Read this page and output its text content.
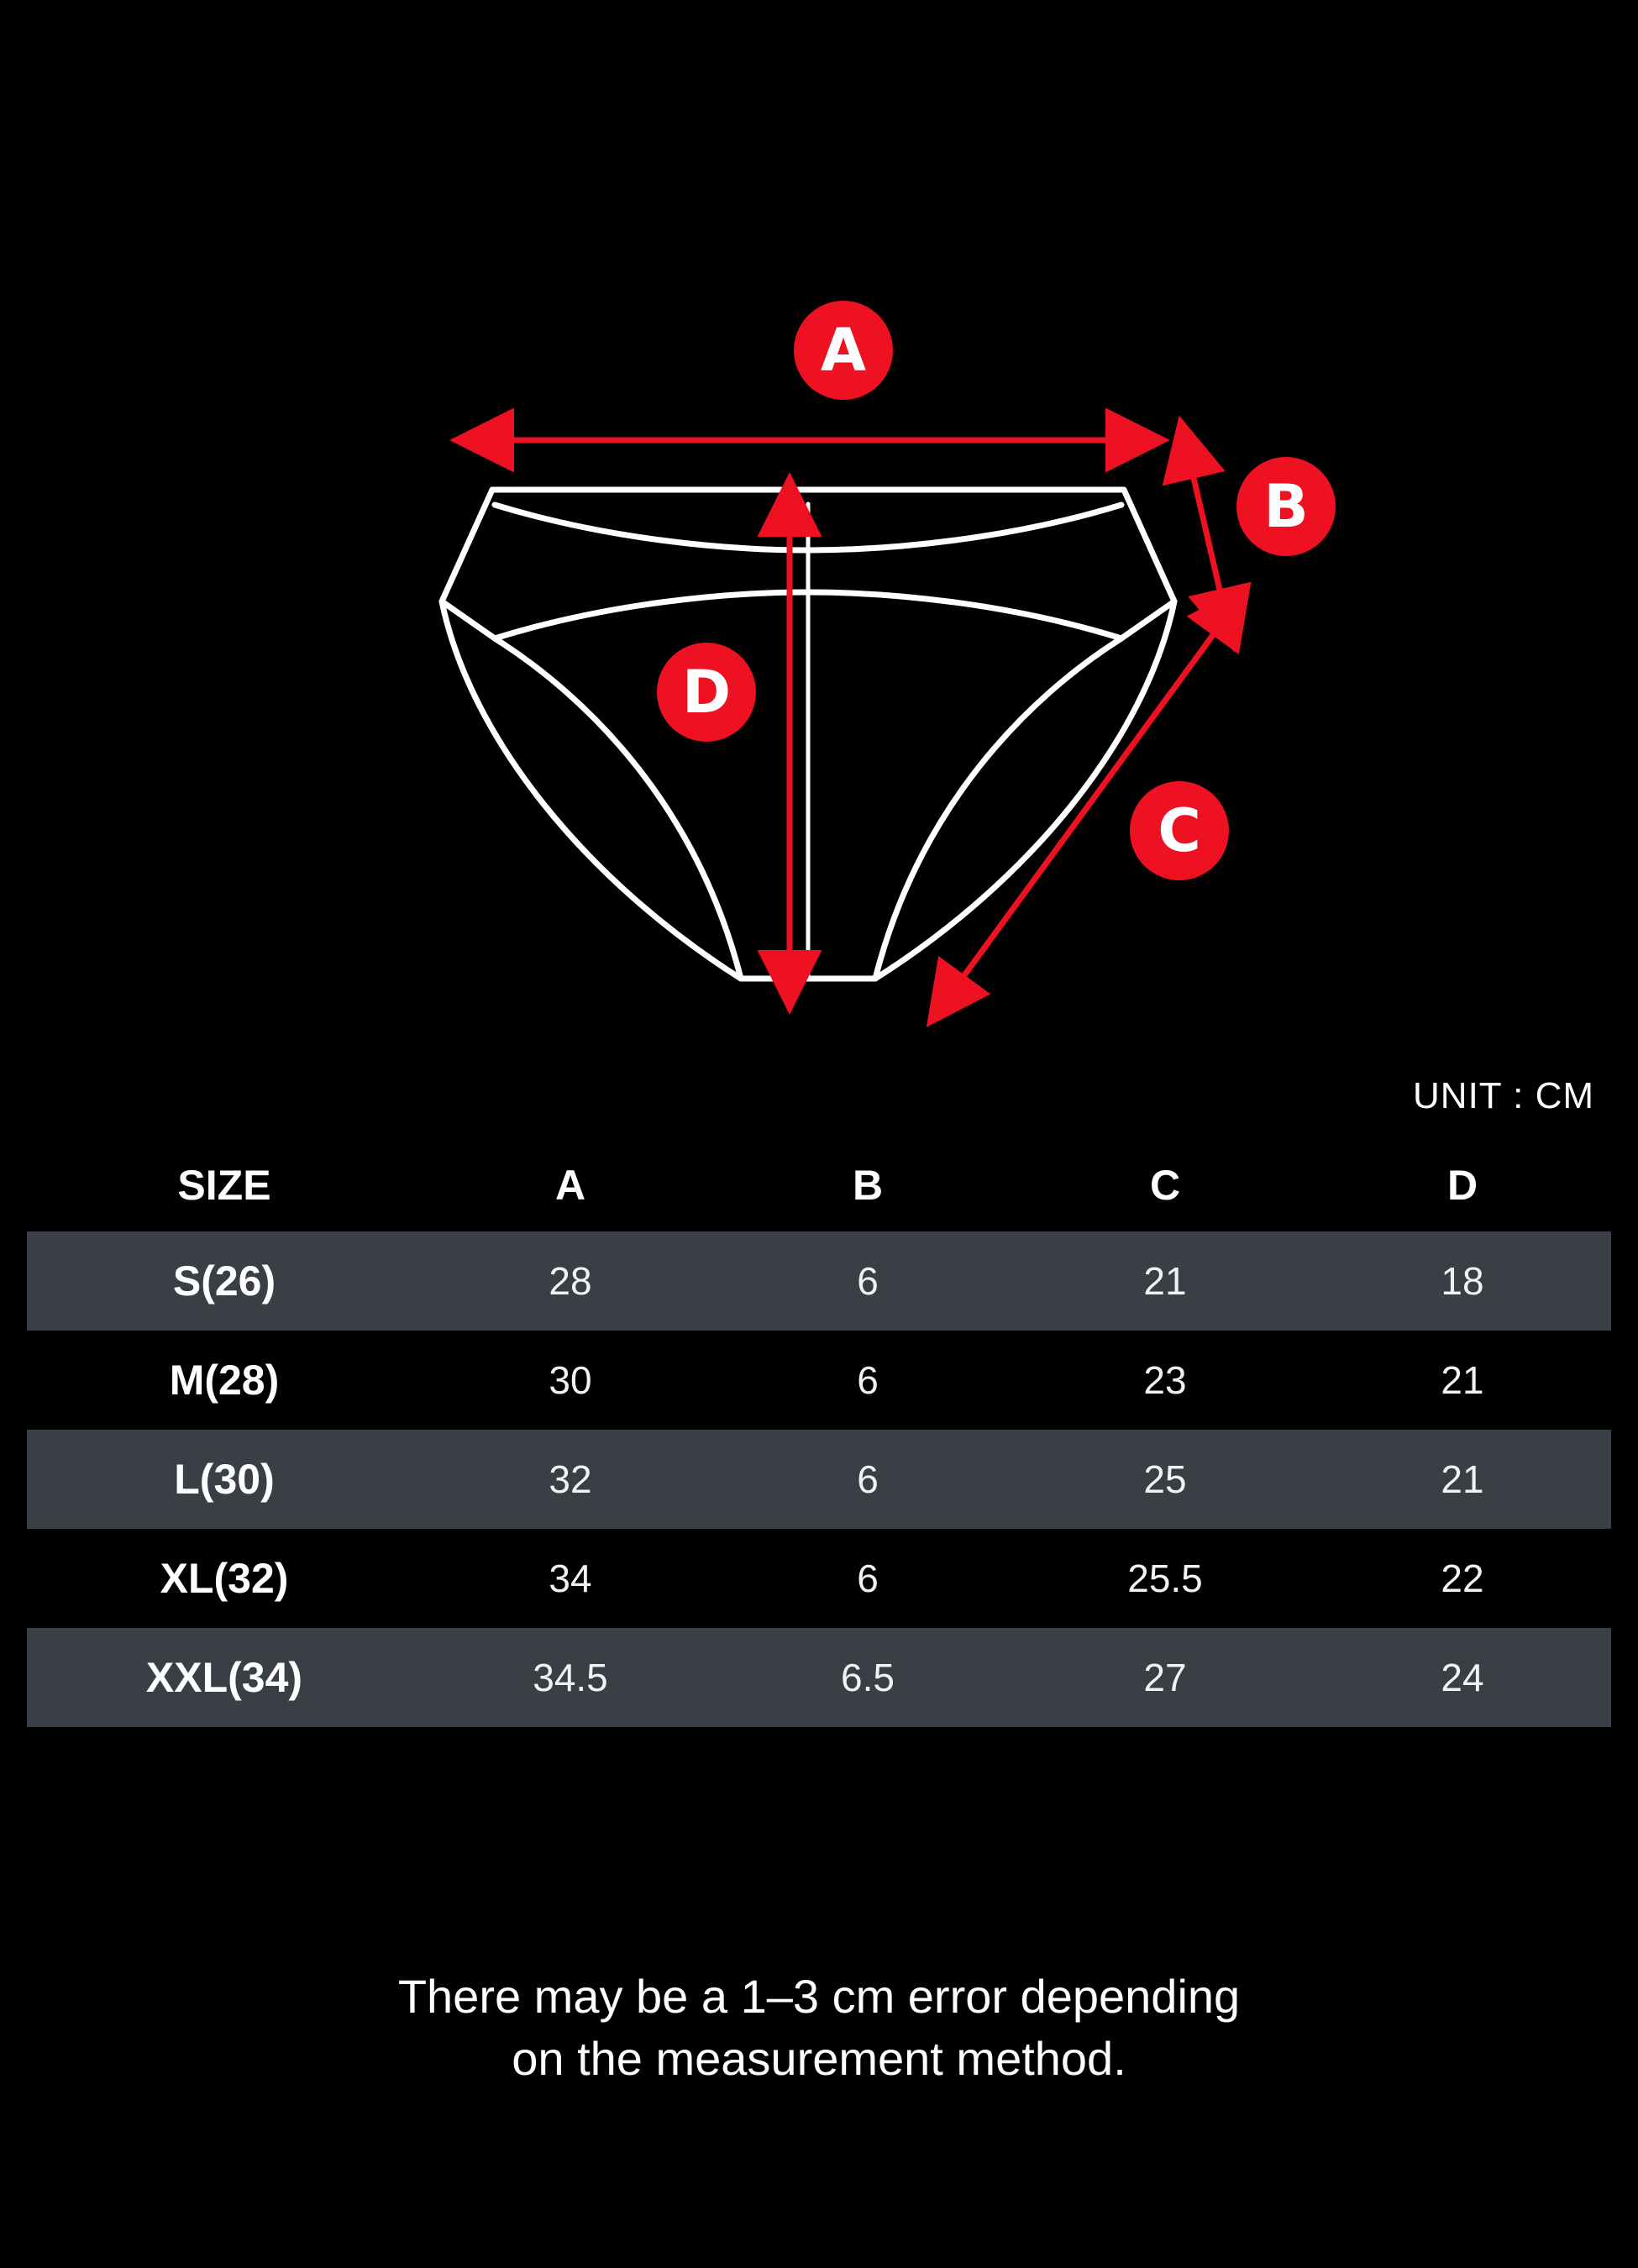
A
B
C
D
UNIT : CM
SIZE	A	B	C	D
S(26)	28	6	21	18
M(28)	30	6	23	21
L(30)	32	6	25	21
XL(32)	34	6	25.5	22
XXL(34)	34.5	6.5	27	24
There may be a 1–3 cm error depending
on the measurement method.
